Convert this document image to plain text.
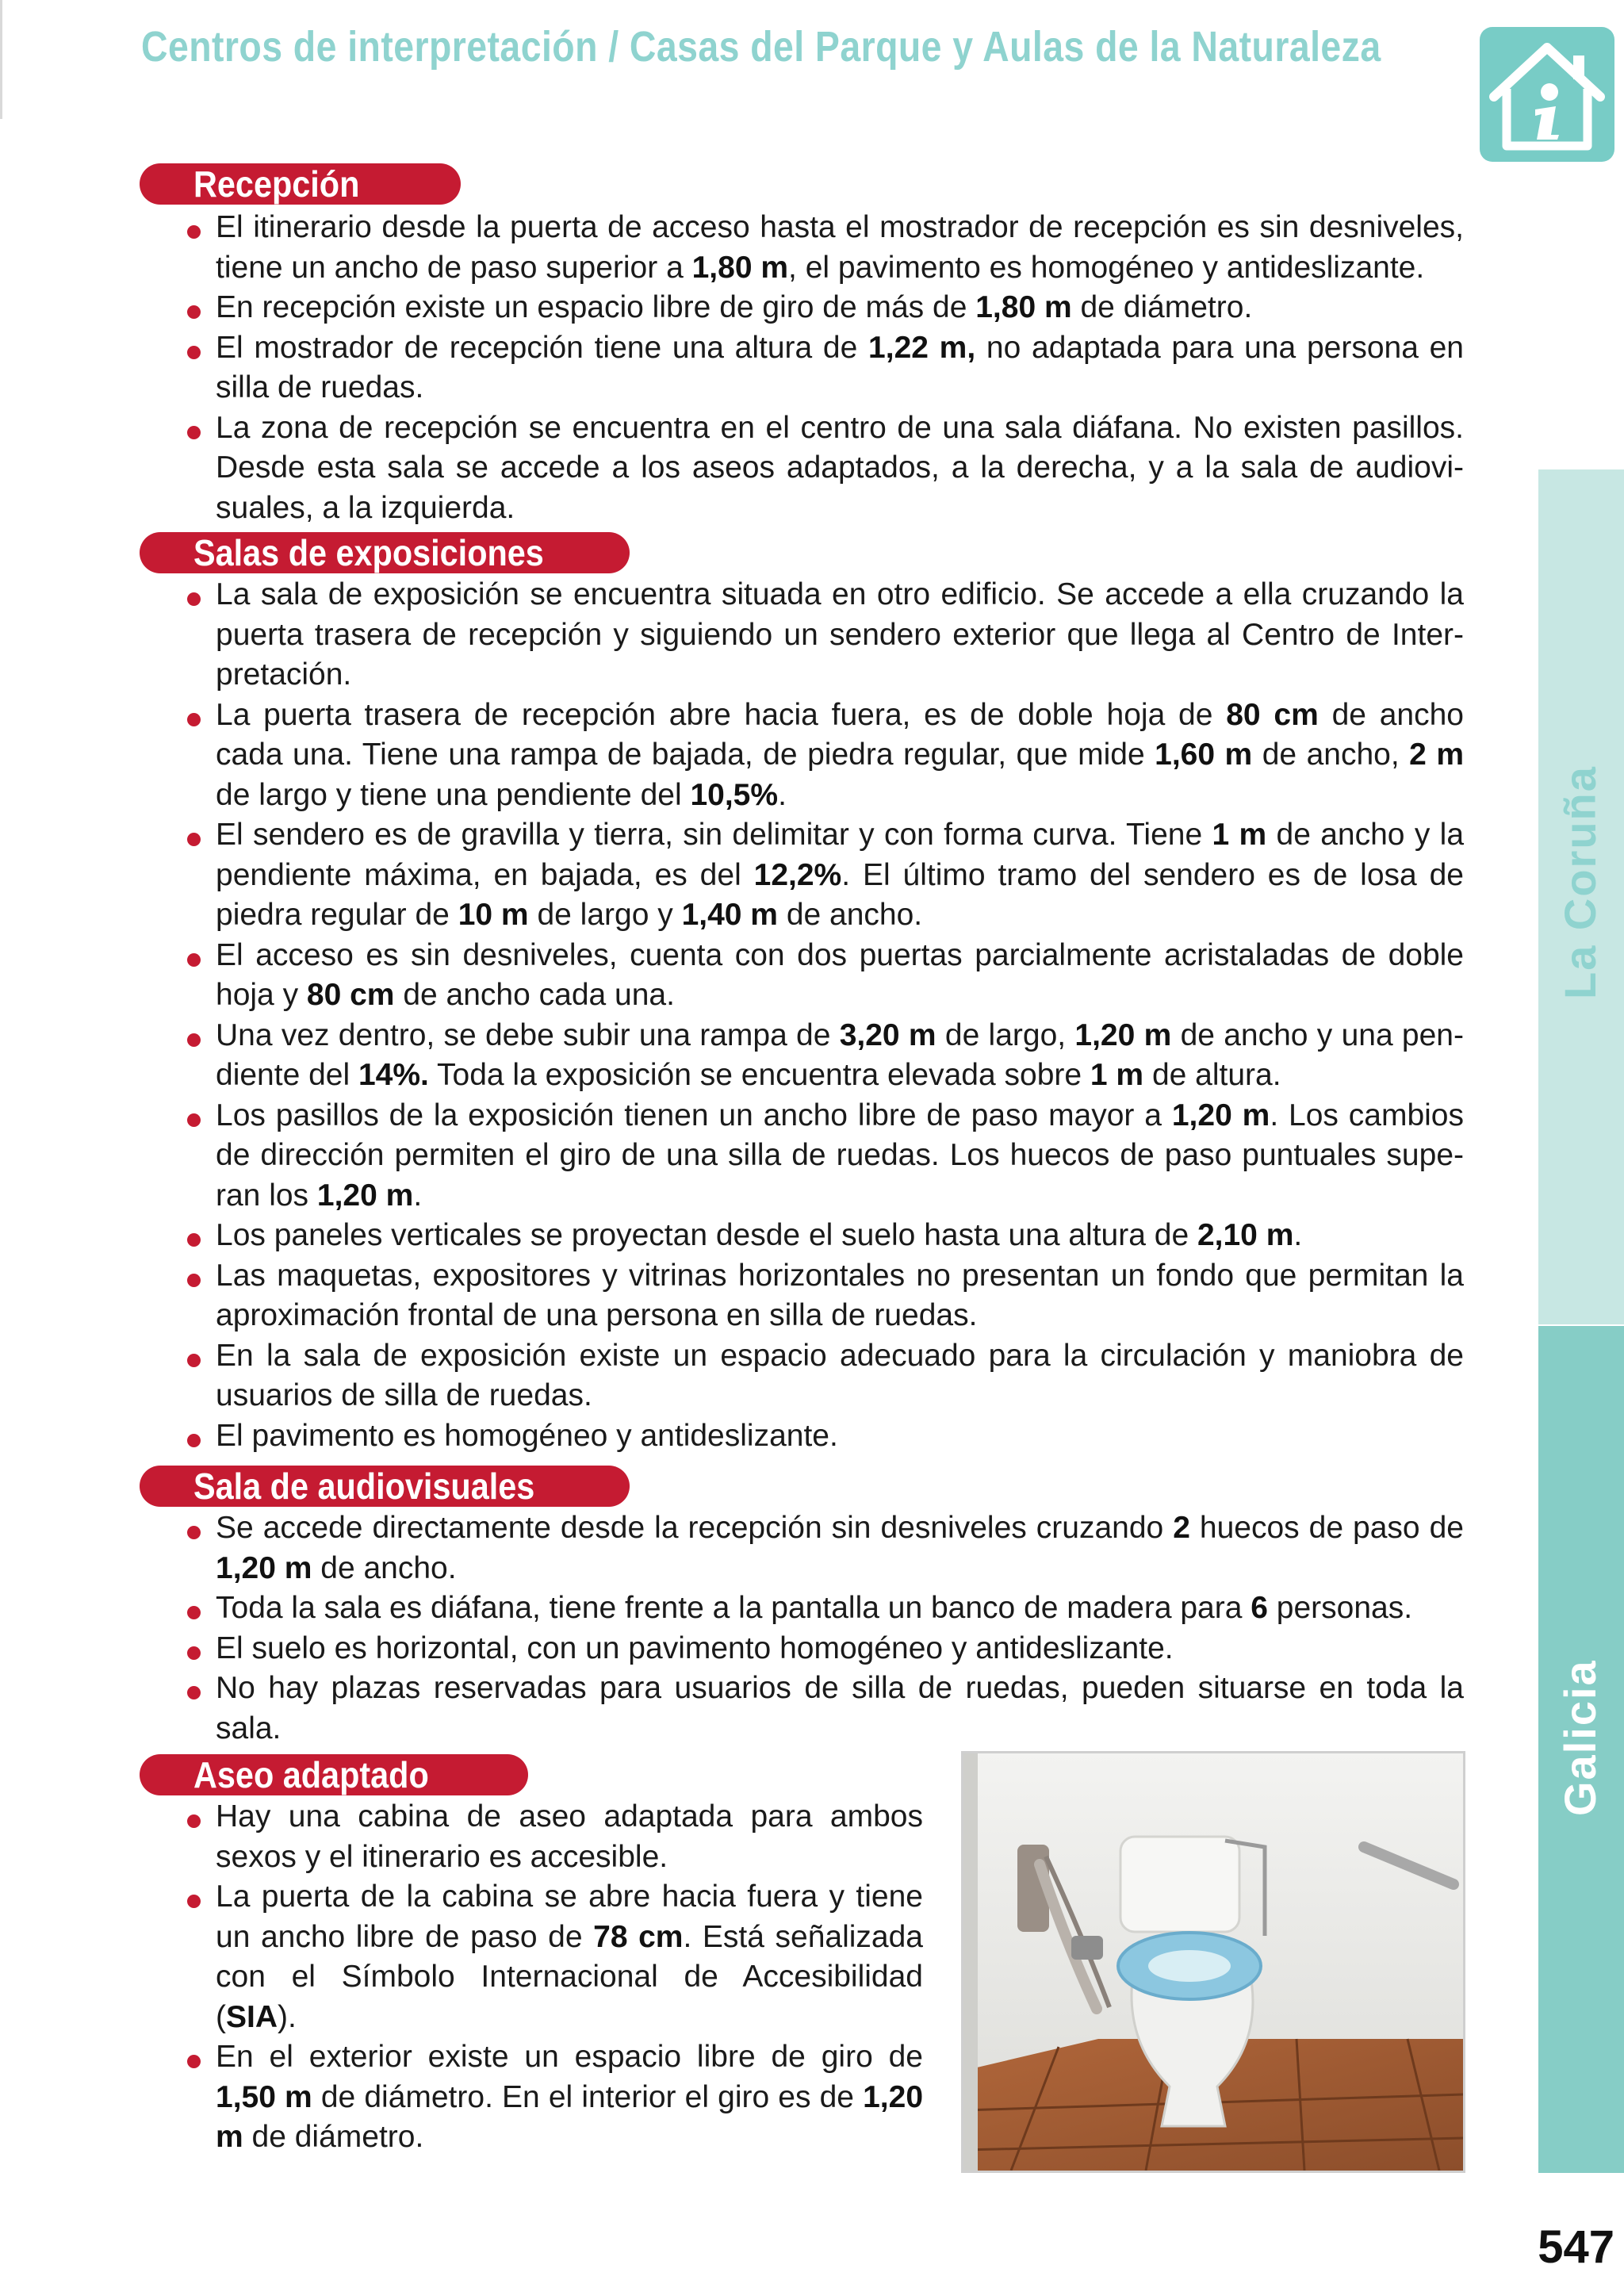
Centros de interpretación / Casas del Parque y Aulas de la Naturaleza
La Coruña
Galicia
Recepción
El itinerario desde la puerta de acceso hasta el mostrador de recepción es sin desniveles, tiene un ancho de paso superior a 1,80 m, el pavimento es homogéneo y antideslizante.
En recepción existe un espacio libre de giro de más de 1,80 m de diámetro.
El mostrador de recepción tiene una altura de 1,22 m, no adaptada para una persona en silla de ruedas.
La zona de recepción se encuentra en el centro de una sala diáfana. No existen pasillos. Desde esta sala se accede a los aseos adaptados, a la derecha, y a la sala de audiovi-suales, a la izquierda.
Salas de exposiciones
La sala de exposición se encuentra situada en otro edificio. Se accede a ella cruzando la puerta trasera de recepción y siguiendo un sendero exterior que llega al Centro de Inter-pretación.
La puerta trasera de recepción abre hacia fuera, es de doble hoja de 80 cm de ancho cada una. Tiene una rampa de bajada, de piedra regular, que mide 1,60 m de ancho, 2 m de largo y tiene una pendiente del 10,5%.
El sendero es de gravilla y tierra, sin delimitar y con forma curva. Tiene 1 m de ancho y la pendiente máxima, en bajada, es del 12,2%. El último tramo del sendero es de losa de piedra regular de 10 m de largo y 1,40 m de ancho.
El acceso es sin desniveles, cuenta con dos puertas parcialmente acristaladas de doble hoja y 80 cm de ancho cada una.
Una vez dentro, se debe subir una rampa de 3,20 m de largo, 1,20 m de ancho y una pen-diente del 14%. Toda la exposición se encuentra elevada sobre 1 m de altura.
Los pasillos de la exposición tienen un ancho libre de paso mayor a 1,20 m. Los cambios de dirección permiten el giro de una silla de ruedas. Los huecos de paso puntuales supe-ran los 1,20 m.
Los paneles verticales se proyectan desde el suelo hasta una altura de 2,10 m.
Las maquetas, expositores y vitrinas horizontales no presentan un fondo que permitan la aproximación frontal de una persona en silla de ruedas.
En la sala de exposición existe un espacio adecuado para la circulación y maniobra de usuarios de silla de ruedas.
El pavimento es homogéneo y antideslizante.
Sala de audiovisuales
Se accede directamente desde la recepción sin desniveles cruzando 2 huecos de paso de 1,20 m de ancho.
Toda la sala es diáfana, tiene frente a la pantalla un banco de madera para 6 personas.
El suelo es horizontal, con un pavimento homogéneo y antideslizante.
No hay plazas reservadas para usuarios de silla de ruedas, pueden situarse en toda la sala.
Aseo adaptado
Hay una cabina de aseo adaptada para ambos sexos y el itinerario es accesible.
La puerta de la cabina se abre hacia fuera y tiene un ancho libre de paso de 78 cm. Está señalizada con el Símbolo Internacional de Accesibilidad (SIA).
En el exterior existe un espacio libre de giro de 1,50 m de diámetro. En el interior el giro es de 1,20 m de diámetro.
547
